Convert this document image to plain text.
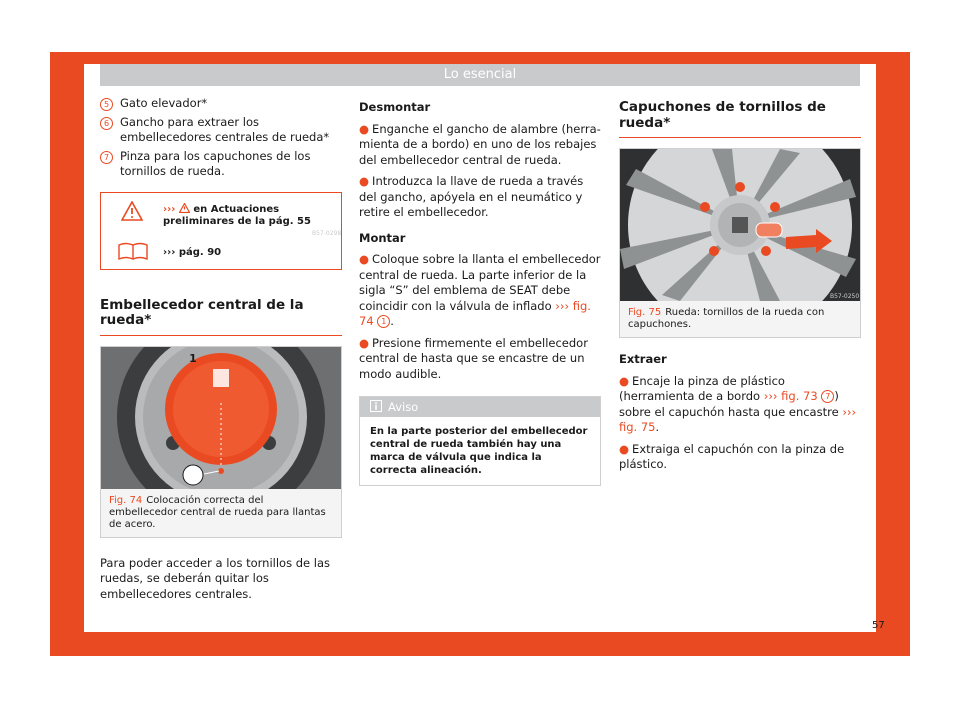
Lo esencial
5 Gato elevador*
6 Gancho para extraer los embellecedores centrales de rueda*
7 Pinza para los capuchones de los tornillos de rueda.
›››  en Actuaciones preliminares de la pág. 55
››› pág. 90
Embellecedor central de la rueda*
B57-0298
1
Fig. 74 Colocación correcta del embellecedor central de rueda para llantas de acero.

Para poder acceder a los tornillos de las ruedas, se deberán quitar los embellecedores centrales.

Desmontar

● Enganche el gancho de alambre (herramienta de a bordo) en uno de los rebajes del embellecedor central de rueda.

● Introduzca la llave de rueda a través del gancho, apóyela en el neumático y retire el embellecedor.

Montar

● Coloque sobre la llanta el embellecedor central de rueda. La parte inferior de la sigla “S” del emblema de SEAT debe coincidir con la válvula de inflado ››› fig. 74 1 .

● Presione firmemente el embellecedor central de hasta que se encastre de un modo audible.

Aviso
En la parte posterior del embellecedor central de rueda también hay una marca de válvula que indica la correcta alineación.
Capuchones de tornillos de rueda*
B57-0250
Fig. 75 Rueda: tornillos de la rueda con capuchones.
Extraer

● Encaje la pinza de plástico (herramienta de a bordo ››› fig. 73 7 ) sobre el capuchón hasta que encastre ››› fig. 75.

● Extraiga el capuchón con la pinza de plástico.

57
